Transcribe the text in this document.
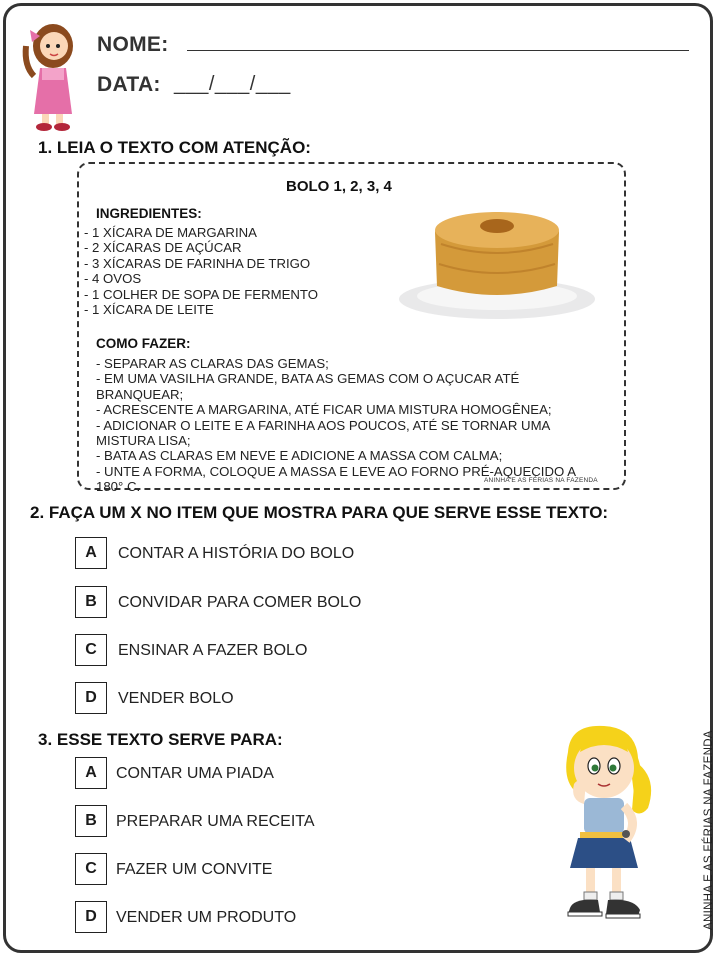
NOME:
DATA: ___/___/___
1. LEIA O TEXTO COM ATENÇÃO:
BOLO 1, 2, 3, 4
INGREDIENTES:
- 1 XÍCARA DE MARGARINA
- 2 XÍCARAS DE AÇÚCAR
- 3 XÍCARAS DE FARINHA DE TRIGO
- 4 OVOS
- 1 COLHER DE SOPA DE FERMENTO
- 1 XÍCARA DE LEITE
COMO FAZER:
- SEPARAR AS CLARAS DAS GEMAS;
- EM UMA VASILHA GRANDE, BATA AS GEMAS COM O AÇUCAR ATÉ
BRANQUEAR;
- ACRESCENTE A MARGARINA, ATÉ FICAR UMA MISTURA HOMOGÊNEA;
- ADICIONAR O LEITE E A FARINHA AOS POUCOS, ATÉ SE TORNAR UMA
MISTURA LISA;
- BATA AS CLARAS EM NEVE E ADICIONE A MASSA COM CALMA;
- UNTE A FORMA, COLOQUE A MASSA E LEVE AO FORNO PRÉ-AQUECIDO A
180° C.	ANINHA E AS FÉRIAS NA FAZENDA
2. FAÇA UM X NO ITEM QUE MOSTRA PARA QUE SERVE ESSE TEXTO:
A	CONTAR A HISTÓRIA DO BOLO
B	CONVIDAR PARA COMER BOLO
C	ENSINAR A FAZER BOLO
D	VENDER BOLO
3. ESSE TEXTO SERVE PARA:
A	CONTAR UMA PIADA
B	PREPARAR UMA RECEITA
C	FAZER UM CONVITE
D	VENDER UM PRODUTO	ANINHA E AS FÉRIAS NA FAZENDA
